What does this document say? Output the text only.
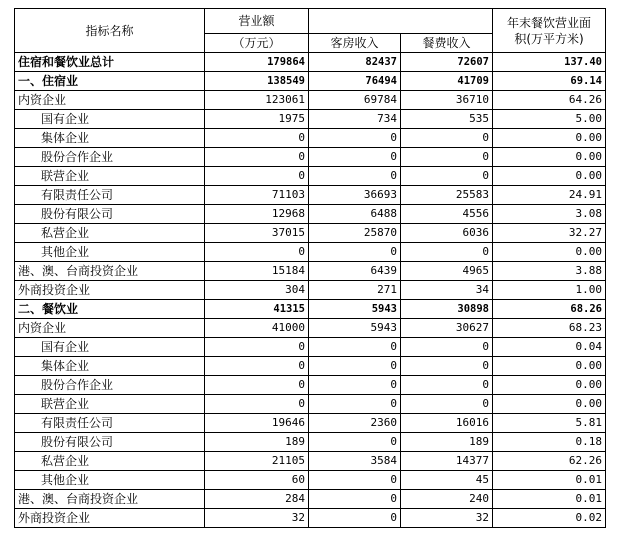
指标名称	营业额			年末餐饮营业面
积(万平方米)

	（万元）	客房收入	餐费收入	
住宿和餐饮业总计	179864	82437	72607	137.40
一、住宿业	138549	76494	41709	69.14
内资企业	123061	69784	36710	64.26
国有企业	1975	734	535	5.00
集体企业	0	0	0	0.00
股份合作企业	0	0	0	0.00
联营企业	0	0	0	0.00
有限责任公司	71103	36693	25583	24.91
股份有限公司	12968	6488	4556	3.08
私营企业	37015	25870	6036	32.27
其他企业	0	0	0	0.00
港、澳、台商投资企业	15184	6439	4965	3.88
外商投资企业	304	271	34	1.00
二、餐饮业	41315	5943	30898	68.26
内资企业	41000	5943	30627	68.23
国有企业	0	0	0	0.04
集体企业	0	0	0	0.00
股份合作企业	0	0	0	0.00
联营企业	0	0	0	0.00
有限责任公司	19646	2360	16016	5.81
股份有限公司	189	0	189	0.18
私营企业	21105	3584	14377	62.26
其他企业	60	0	45	0.01
港、澳、台商投资企业	284	0	240	0.01
外商投资企业	32	0	32	0.02
